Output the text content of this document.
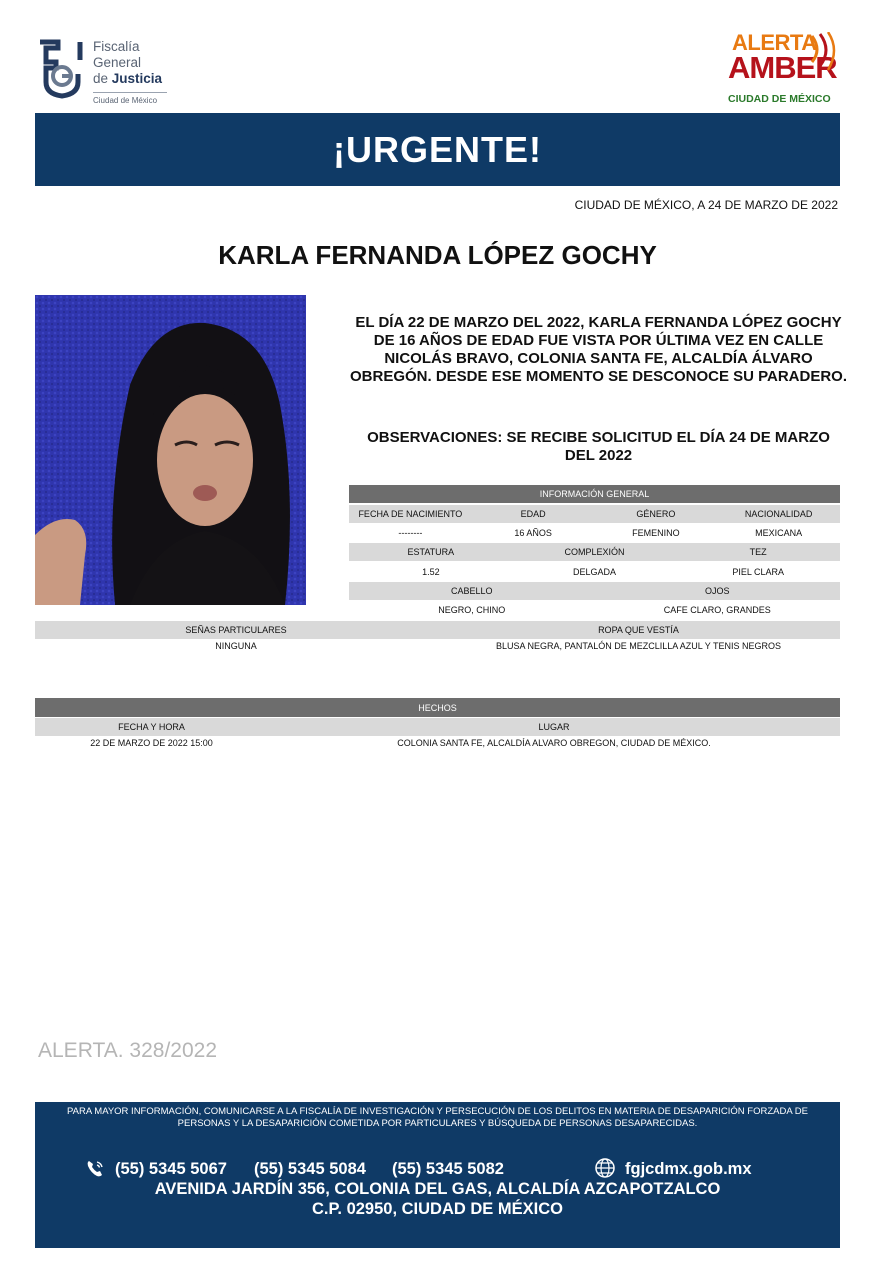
Fiscalía
General
de Justicia
Ciudad de México
ALERTA
AMBER
CIUDAD DE MÉXICO
¡URGENTE!
CIUDAD DE MÉXICO, A 24 DE MARZO DE 2022
KARLA FERNANDA LÓPEZ GOCHY
EL DÍA 22 DE MARZO DEL 2022, KARLA FERNANDA LÓPEZ GOCHY DE 16 AÑOS DE EDAD FUE VISTA POR ÚLTIMA VEZ EN CALLE NICOLÁS BRAVO, COLONIA SANTA FE, ALCALDÍA ÁLVARO OBREGÓN. DESDE ESE MOMENTO SE DESCONOCE SU PARADERO.
OBSERVACIONES: SE RECIBE SOLICITUD EL DÍA 24 DE MARZO DEL 2022
INFORMACIÓN GENERAL
FECHA DE NACIMIENTO	EDAD	GÉNERO	NACIONALIDAD
--------	16 AÑOS	FEMENINO	MEXICANA
ESTATURA	COMPLEXIÓN	TEZ
1.52	DELGADA	PIEL CLARA
CABELLO	OJOS
NEGRO, CHINO	CAFE CLARO, GRANDES
SEÑAS PARTICULARES	ROPA QUE VESTÍA
NINGUNA	BLUSA NEGRA, PANTALÓN DE MEZCLILLA AZUL Y TENIS NEGROS
HECHOS
FECHA Y HORA	LUGAR
22 DE MARZO DE 2022 15:00	COLONIA SANTA FE, ALCALDÍA ALVARO OBREGON, CIUDAD DE MÉXICO.
ALERTA. 328/2022
PARA MAYOR INFORMACIÓN, COMUNICARSE A LA FISCALÍA DE INVESTIGACIÓN Y PERSECUCIÓN DE LOS DELITOS EN MATERIA DE DESAPARICIÓN FORZADA DE PERSONAS Y LA DESAPARICIÓN COMETIDA POR PARTICULARES Y BÚSQUEDA DE PERSONAS DESAPARECIDAS.
(55) 5345 5067 (55) 5345 5084 (55) 5345 5082	fgjcdmx.gob.mx
AVENIDA JARDÍN 356, COLONIA DEL GAS, ALCALDÍA AZCAPOTZALCO
C.P. 02950, CIUDAD DE MÉXICO
